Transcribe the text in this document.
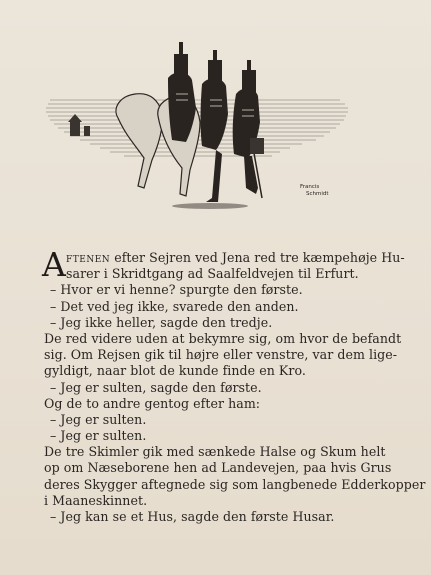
Francis
Schmidt
A ftenen efter Sejren ved Jena red tre kæmpehøje Hu-
sarer i Skridtgang ad Saalfeldvejen til Erfurt.
– Hvor er vi henne? spurgte den første.
– Det ved jeg ikke, svarede den anden.
– Jeg ikke heller, sagde den tredje.
De red videre uden at bekymre sig, om hvor de befandt
sig. Om Rejsen gik til højre eller venstre, var dem lige-
gyldigt, naar blot de kunde finde en Kro.
– Jeg er sulten, sagde den første.
Og de to andre gentog efter ham:
– Jeg er sulten.
– Jeg er sulten.
De tre Skimler gik med sænkede Halse og Skum helt
op om Næseborene hen ad Landevejen, paa hvis Grus
deres Skygger aftegnede sig som langbenede Edderkopper
i Maaneskinnet.
– Jeg kan se et Hus, sagde den første Husar.
